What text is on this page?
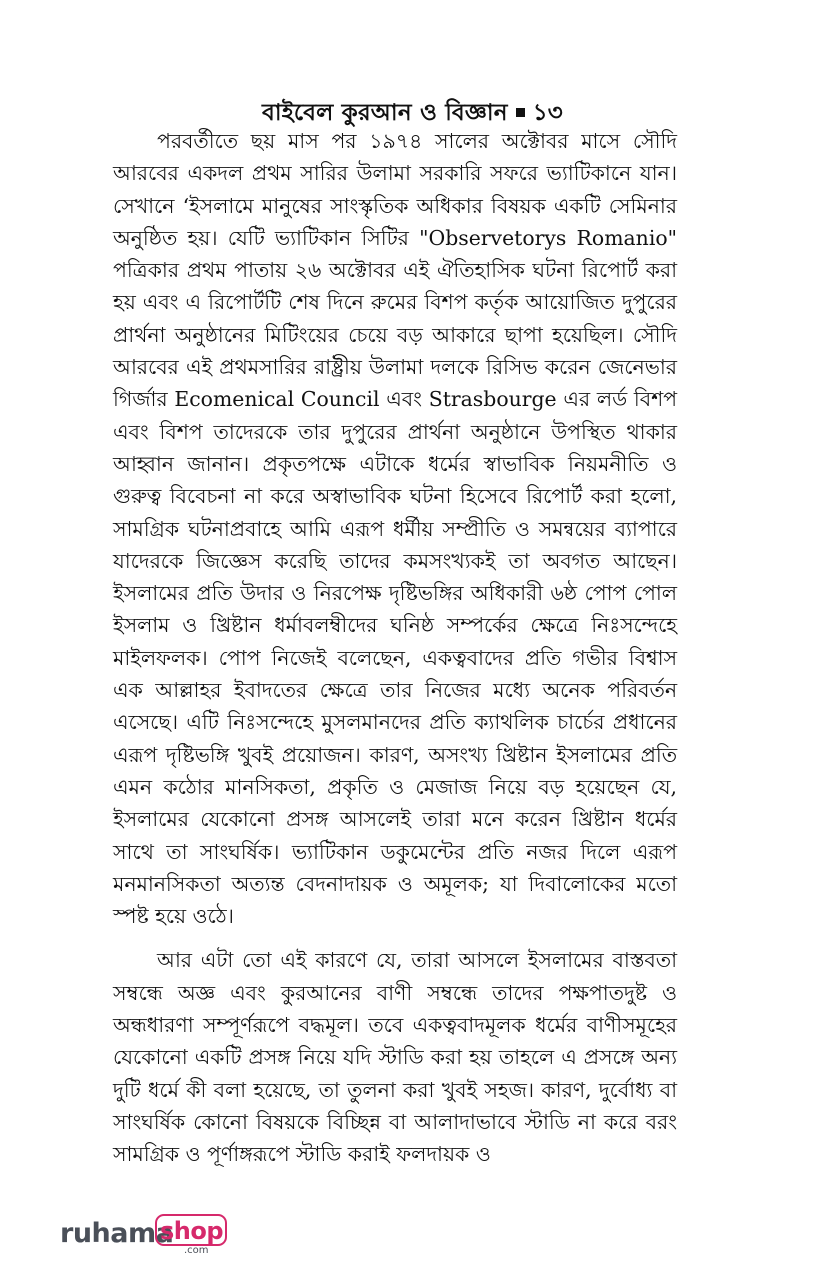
বাইবেল কুরআন ও বিজ্ঞান ১৩

পরবর্তীতে ছয় মাস পর ১৯৭৪ সালের অক্টোবর মাসে সৌদি আরবের একদল প্রথম সারির উলামা সরকারি সফরে ভ্যাটিকানে যান। সেখানে ‘ইসলামে মানুষের সাংস্কৃতিক অধিকার বিষয়ক একটি সেমিনার অনুষ্ঠিত হয়। যেটি ভ্যাটিকান সিটির "Observetorys Romanio" পত্রিকার প্রথম পাতায় ২৬ অক্টোবর এই ঐতিহাসিক ঘটনা রিপোর্ট করা হয় এবং এ রিপোর্টটি শেষ দিনে রুমের বিশপ কর্তৃক আয়োজিত দুপুরের প্রার্থনা অনুষ্ঠানের মিটিংয়ের চেয়ে বড় আকারে ছাপা হয়েছিল। সৌদি আরবের এই প্রথমসারির রাষ্ট্রীয় উলামা দলকে রিসিভ করেন জেনেভার গির্জার Ecomenical Council এবং Strasbourge এর লর্ড বিশপ এবং বিশপ তাদেরকে তার দুপুরের প্রার্থনা অনুষ্ঠানে উপস্থিত থাকার আহ্বান জানান। প্রকৃতপক্ষে এটাকে ধর্মের স্বাভাবিক নিয়মনীতি ও গুরুত্ব বিবেচনা না করে অস্বাভাবিক ঘটনা হিসেবে রিপোর্ট করা হলো, সামগ্রিক ঘটনাপ্রবাহে আমি এরূপ ধর্মীয় সম্প্রীতি ও সমন্বয়ের ব্যাপারে যাদেরকে জিজ্ঞেস করেছি তাদের কমসংখ্যকই তা অবগত আছেন। ইসলামের প্রতি উদার ও নিরপেক্ষ দৃষ্টিভঙ্গির অধিকারী ৬ষ্ঠ পোপ পোল ইসলাম ও খ্রিষ্টান ধর্মাবলম্বীদের ঘনিষ্ঠ সম্পর্কের ক্ষেত্রে নিঃসন্দেহে মাইলফলক। পোপ নিজেই বলেছেন, একত্ববাদের প্রতি গভীর বিশ্বাস এক আল্লাহর ইবাদতের ক্ষেত্রে তার নিজের মধ্যে অনেক পরিবর্তন এসেছে। এটি নিঃসন্দেহে মুসলমানদের প্রতি ক্যাথলিক চার্চের প্রধানের এরূপ দৃষ্টিভঙ্গি খুবই প্রয়োজন। কারণ, অসংখ্য খ্রিষ্টান ইসলামের প্রতি এমন কঠোর মানসিকতা, প্রকৃতি ও মেজাজ নিয়ে বড় হয়েছেন যে, ইসলামের যেকোনো প্রসঙ্গ আসলেই তারা মনে করেন খ্রিষ্টান ধর্মের সাথে তা সাংঘর্ষিক। ভ্যাটিকান ডকুমেন্টের প্রতি নজর দিলে এরূপ মনমানসিকতা অত্যন্ত বেদনাদায়ক ও অমূলক; যা দিবালোকের মতো স্পষ্ট হয়ে ওঠে।

আর এটা তো এই কারণে যে, তারা আসলে ইসলামের বাস্তবতা সম্বন্ধে অজ্ঞ এবং কুরআনের বাণী সম্বন্ধে তাদের পক্ষপাতদুষ্ট ও অন্ধধারণা সম্পূর্ণরূপে বদ্ধমূল। তবে একত্ববাদমূলক ধর্মের বাণীসমূহের যেকোনো একটি প্রসঙ্গ নিয়ে যদি স্টাডি করা হয় তাহলে এ প্রসঙ্গে অন্য দুটি ধর্মে কী বলা হয়েছে, তা তুলনা করা খুবই সহজ। কারণ, দুর্বোধ্য বা সাংঘর্ষিক কোনো বিষয়কে বিচ্ছিন্ন বা আলাদাভাবে স্টাডি না করে বরং সামগ্রিক ও পূর্ণাঙ্গরূপে স্টাডি করাই ফলদায়ক ও

ruhama
shop
.com
